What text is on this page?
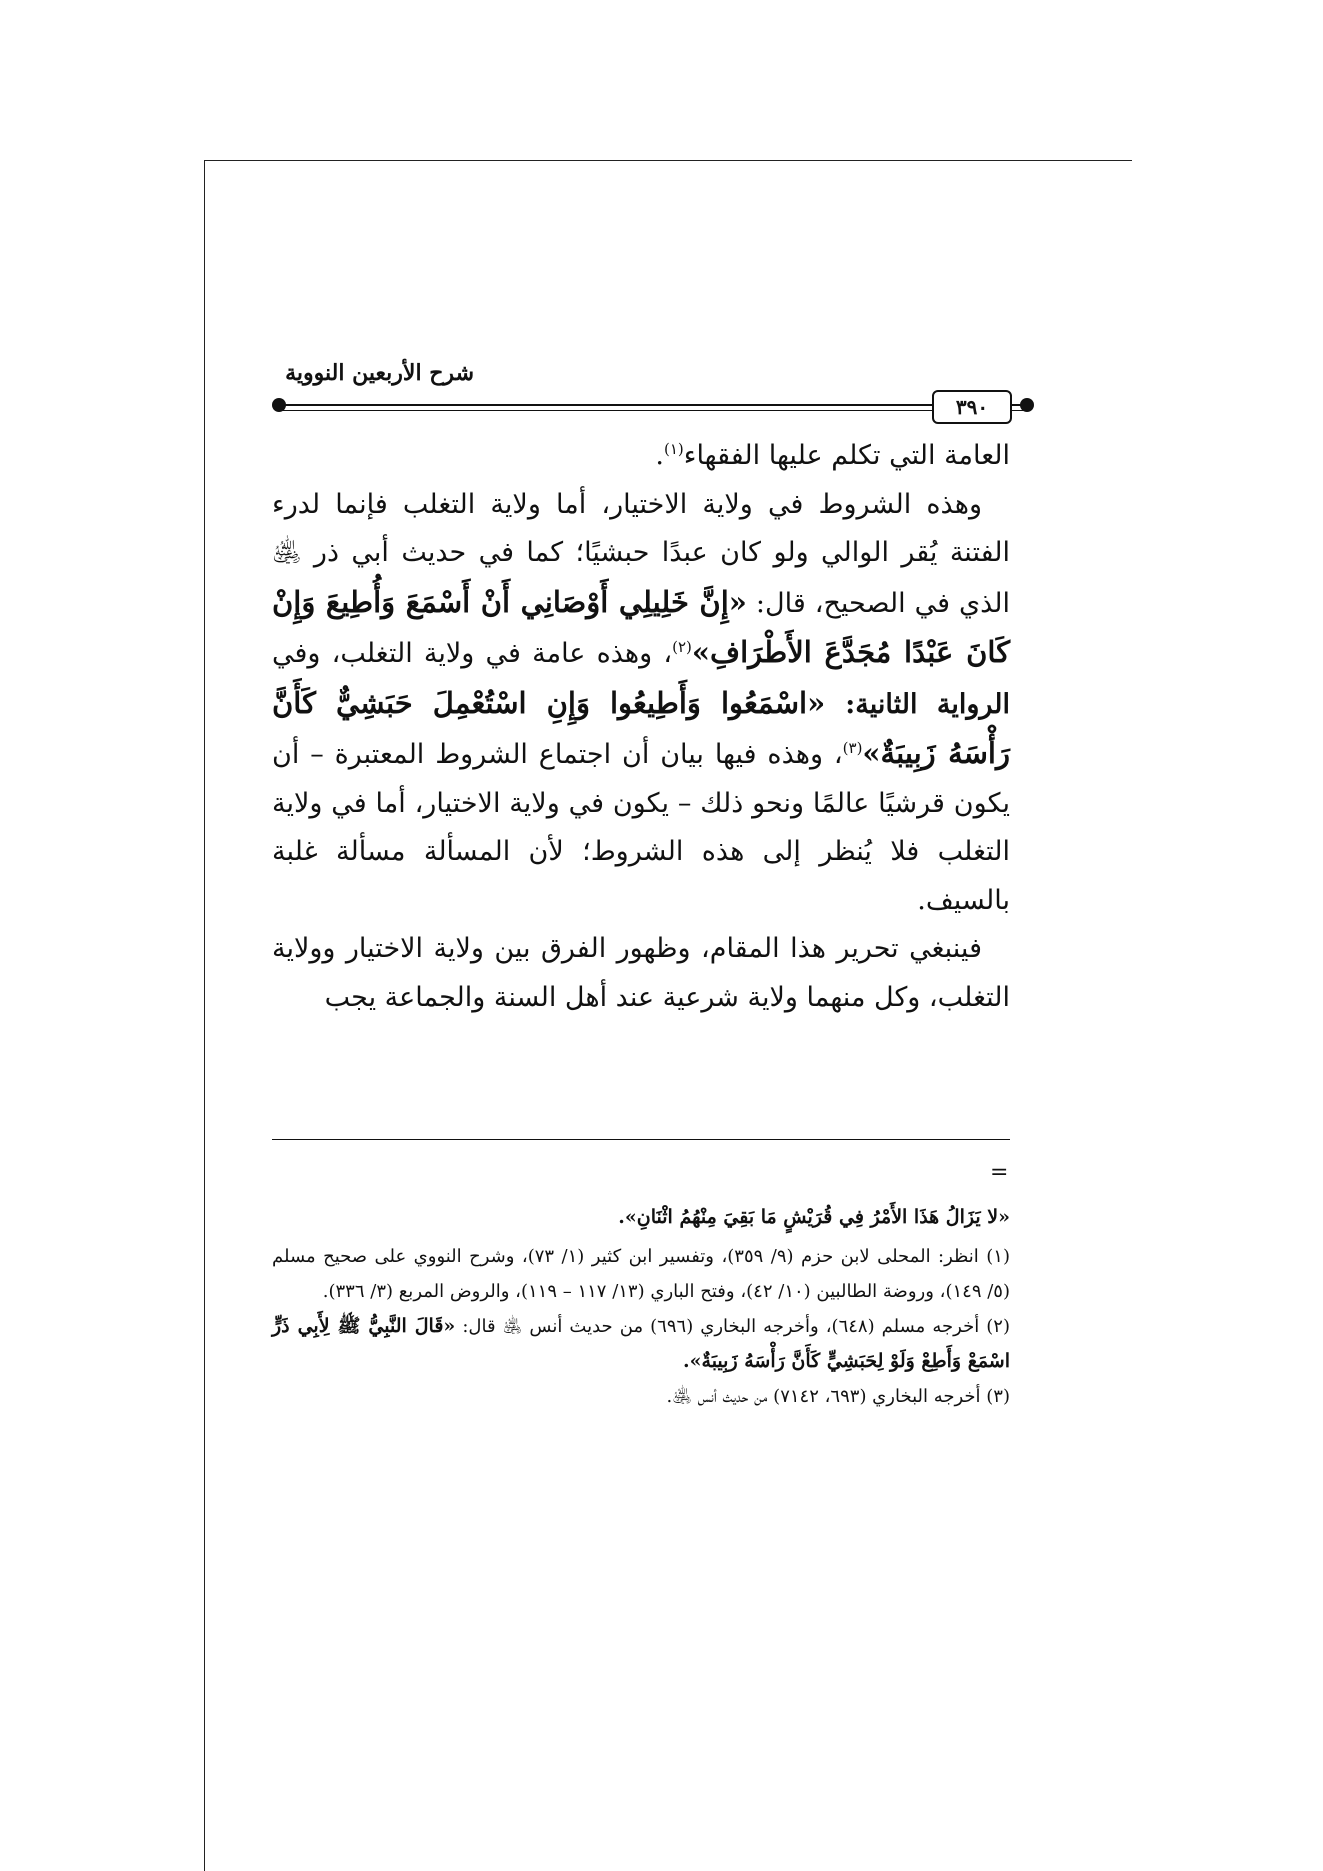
شرح الأربعين النووية
٣٩٠

العامة التي تكلم عليها الفقهاء$^{(١)}$.

وهذه الشروط في ولاية الاختيار، أما ولاية التغلب فإنما لدرء الفتنة يُقر الوالي ولو كان عبدًا حبشيًا؛ كما في حديث أبي ذر ﵁ الذي في الصحيح، قال: «إِنَّ خَلِيلِي أَوْصَانِي أَنْ أَسْمَعَ وَأُطِيعَ وَإِنْ كَانَ عَبْدًا مُجَدَّعَ الأَطْرَافِ»$^{(٢)}$، وهذه عامة في ولاية التغلب، وفي الرواية الثانية: «اسْمَعُوا وَأَطِيعُوا وَإِنِ اسْتُعْمِلَ حَبَشِيٌّ كَأَنَّ رَأْسَهُ زَبِيبَةٌ»$^{(٣)}$، وهذه فيها بيان أن اجتماع الشروط المعتبرة – أن يكون قرشيًا عالمًا ونحو ذلك – يكون في ولاية الاختيار، أما في ولاية التغلب فلا يُنظر إلى هذه الشروط؛ لأن المسألة مسألة غلبة بالسيف.

فينبغي تحرير هذا المقام، وظهور الفرق بين ولاية الاختيار وولاية التغلب، وكل منهما ولاية شرعية عند أهل السنة والجماعة يجب

=

«لا يَزَالُ هَذَا الأَمْرُ فِي قُرَيْشٍ مَا بَقِيَ مِنْهُمُ اثْنَانِ».

(١) انظر: المحلى لابن حزم (٩/ ٣٥٩)، وتفسير ابن كثير (١/ ٧٣)، وشرح النووي على صحيح مسلم (٥/ ١٤٩)، وروضة الطالبين (١٠/ ٤٢)، وفتح الباري (١٣/ ١١٧ – ١١٩)، والروض المربع (٣/ ٣٣٦).

(٢) أخرجه مسلم (٦٤٨)، وأخرجه البخاري (٦٩٦) من حديث أنس ﵁ قال: «قَالَ النَّبِيُّ ﷺ لِأَبِي ذَرٍّ اسْمَعْ وَأَطِعْ وَلَوْ لِحَبَشِيٍّ كَأَنَّ رَأْسَهُ زَبِيبَةٌ».

(٣) أخرجه البخاري (٦٩٣، ٧١٤٢) من حديث أنس ﵁.
